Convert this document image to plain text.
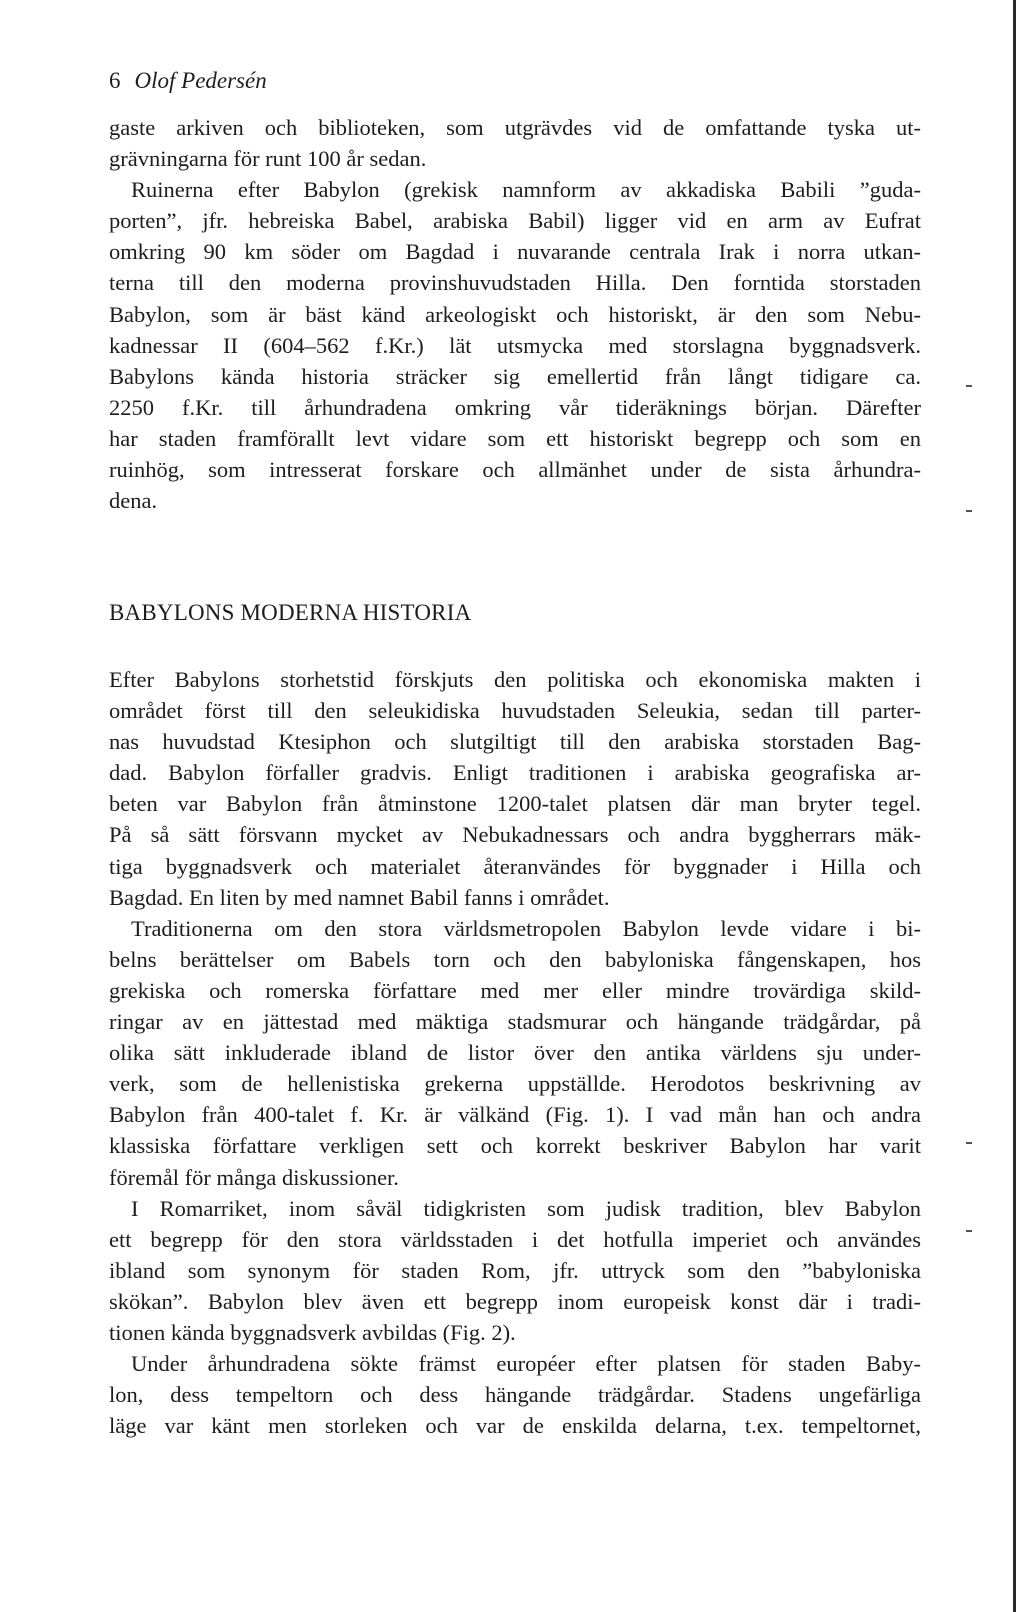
6 Olof Pedersén
gaste arkiven och biblioteken, som utgrävdes vid de omfattande tyska ut-
grävningarna för runt 100 år sedan.
Ruinerna efter Babylon (grekisk namnform av akkadiska Babili ”guda-
porten”, jfr. hebreiska Babel, arabiska Babil) ligger vid en arm av Eufrat
omkring 90 km söder om Bagdad i nuvarande centrala Irak i norra utkan-
terna till den moderna provinshuvudstaden Hilla. Den forntida storstaden
Babylon, som är bäst känd arkeologiskt och historiskt, är den som Nebu-
kadnessar II (604–562 f.Kr.) lät utsmycka med storslagna byggnadsverk.
Babylons kända historia sträcker sig emellertid från långt tidigare ca.
2250 f.Kr. till århundradena omkring vår tideräknings början. Därefter
har staden framförallt levt vidare som ett historiskt begrepp och som en
ruinhög, som intresserat forskare och allmänhet under de sista århundra-
dena.
BABYLONS MODERNA HISTORIA
Efter Babylons storhetstid förskjuts den politiska och ekonomiska makten i
området först till den seleukidiska huvudstaden Seleukia, sedan till parter-
nas huvudstad Ktesiphon och slutgiltigt till den arabiska storstaden Bag-
dad. Babylon förfaller gradvis. Enligt traditionen i arabiska geografiska ar-
beten var Babylon från åtminstone 1200-talet platsen där man bryter tegel.
På så sätt försvann mycket av Nebukadnessars och andra byggherrars mäk-
tiga byggnadsverk och materialet återanvändes för byggnader i Hilla och
Bagdad. En liten by med namnet Babil fanns i området.
Traditionerna om den stora världsmetropolen Babylon levde vidare i bi-
belns berättelser om Babels torn och den babyloniska fångenskapen, hos
grekiska och romerska författare med mer eller mindre trovärdiga skild-
ringar av en jättestad med mäktiga stadsmurar och hängande trädgårdar, på
olika sätt inkluderade ibland de listor över den antika världens sju under-
verk, som de hellenistiska grekerna uppställde. Herodotos beskrivning av
Babylon från 400-talet f. Kr. är välkänd (Fig. 1). I vad mån han och andra
klassiska författare verkligen sett och korrekt beskriver Babylon har varit
föremål för många diskussioner.
I Romarriket, inom såväl tidigkristen som judisk tradition, blev Babylon
ett begrepp för den stora världsstaden i det hotfulla imperiet och användes
ibland som synonym för staden Rom, jfr. uttryck som den ”babyloniska
skökan”. Babylon blev även ett begrepp inom europeisk konst där i tradi-
tionen kända byggnadsverk avbildas (Fig. 2).
Under århundradena sökte främst européer efter platsen för staden Baby-
lon, dess tempeltorn och dess hängande trädgårdar. Stadens ungefärliga
läge var känt men storleken och var de enskilda delarna, t.ex. tempeltornet,
